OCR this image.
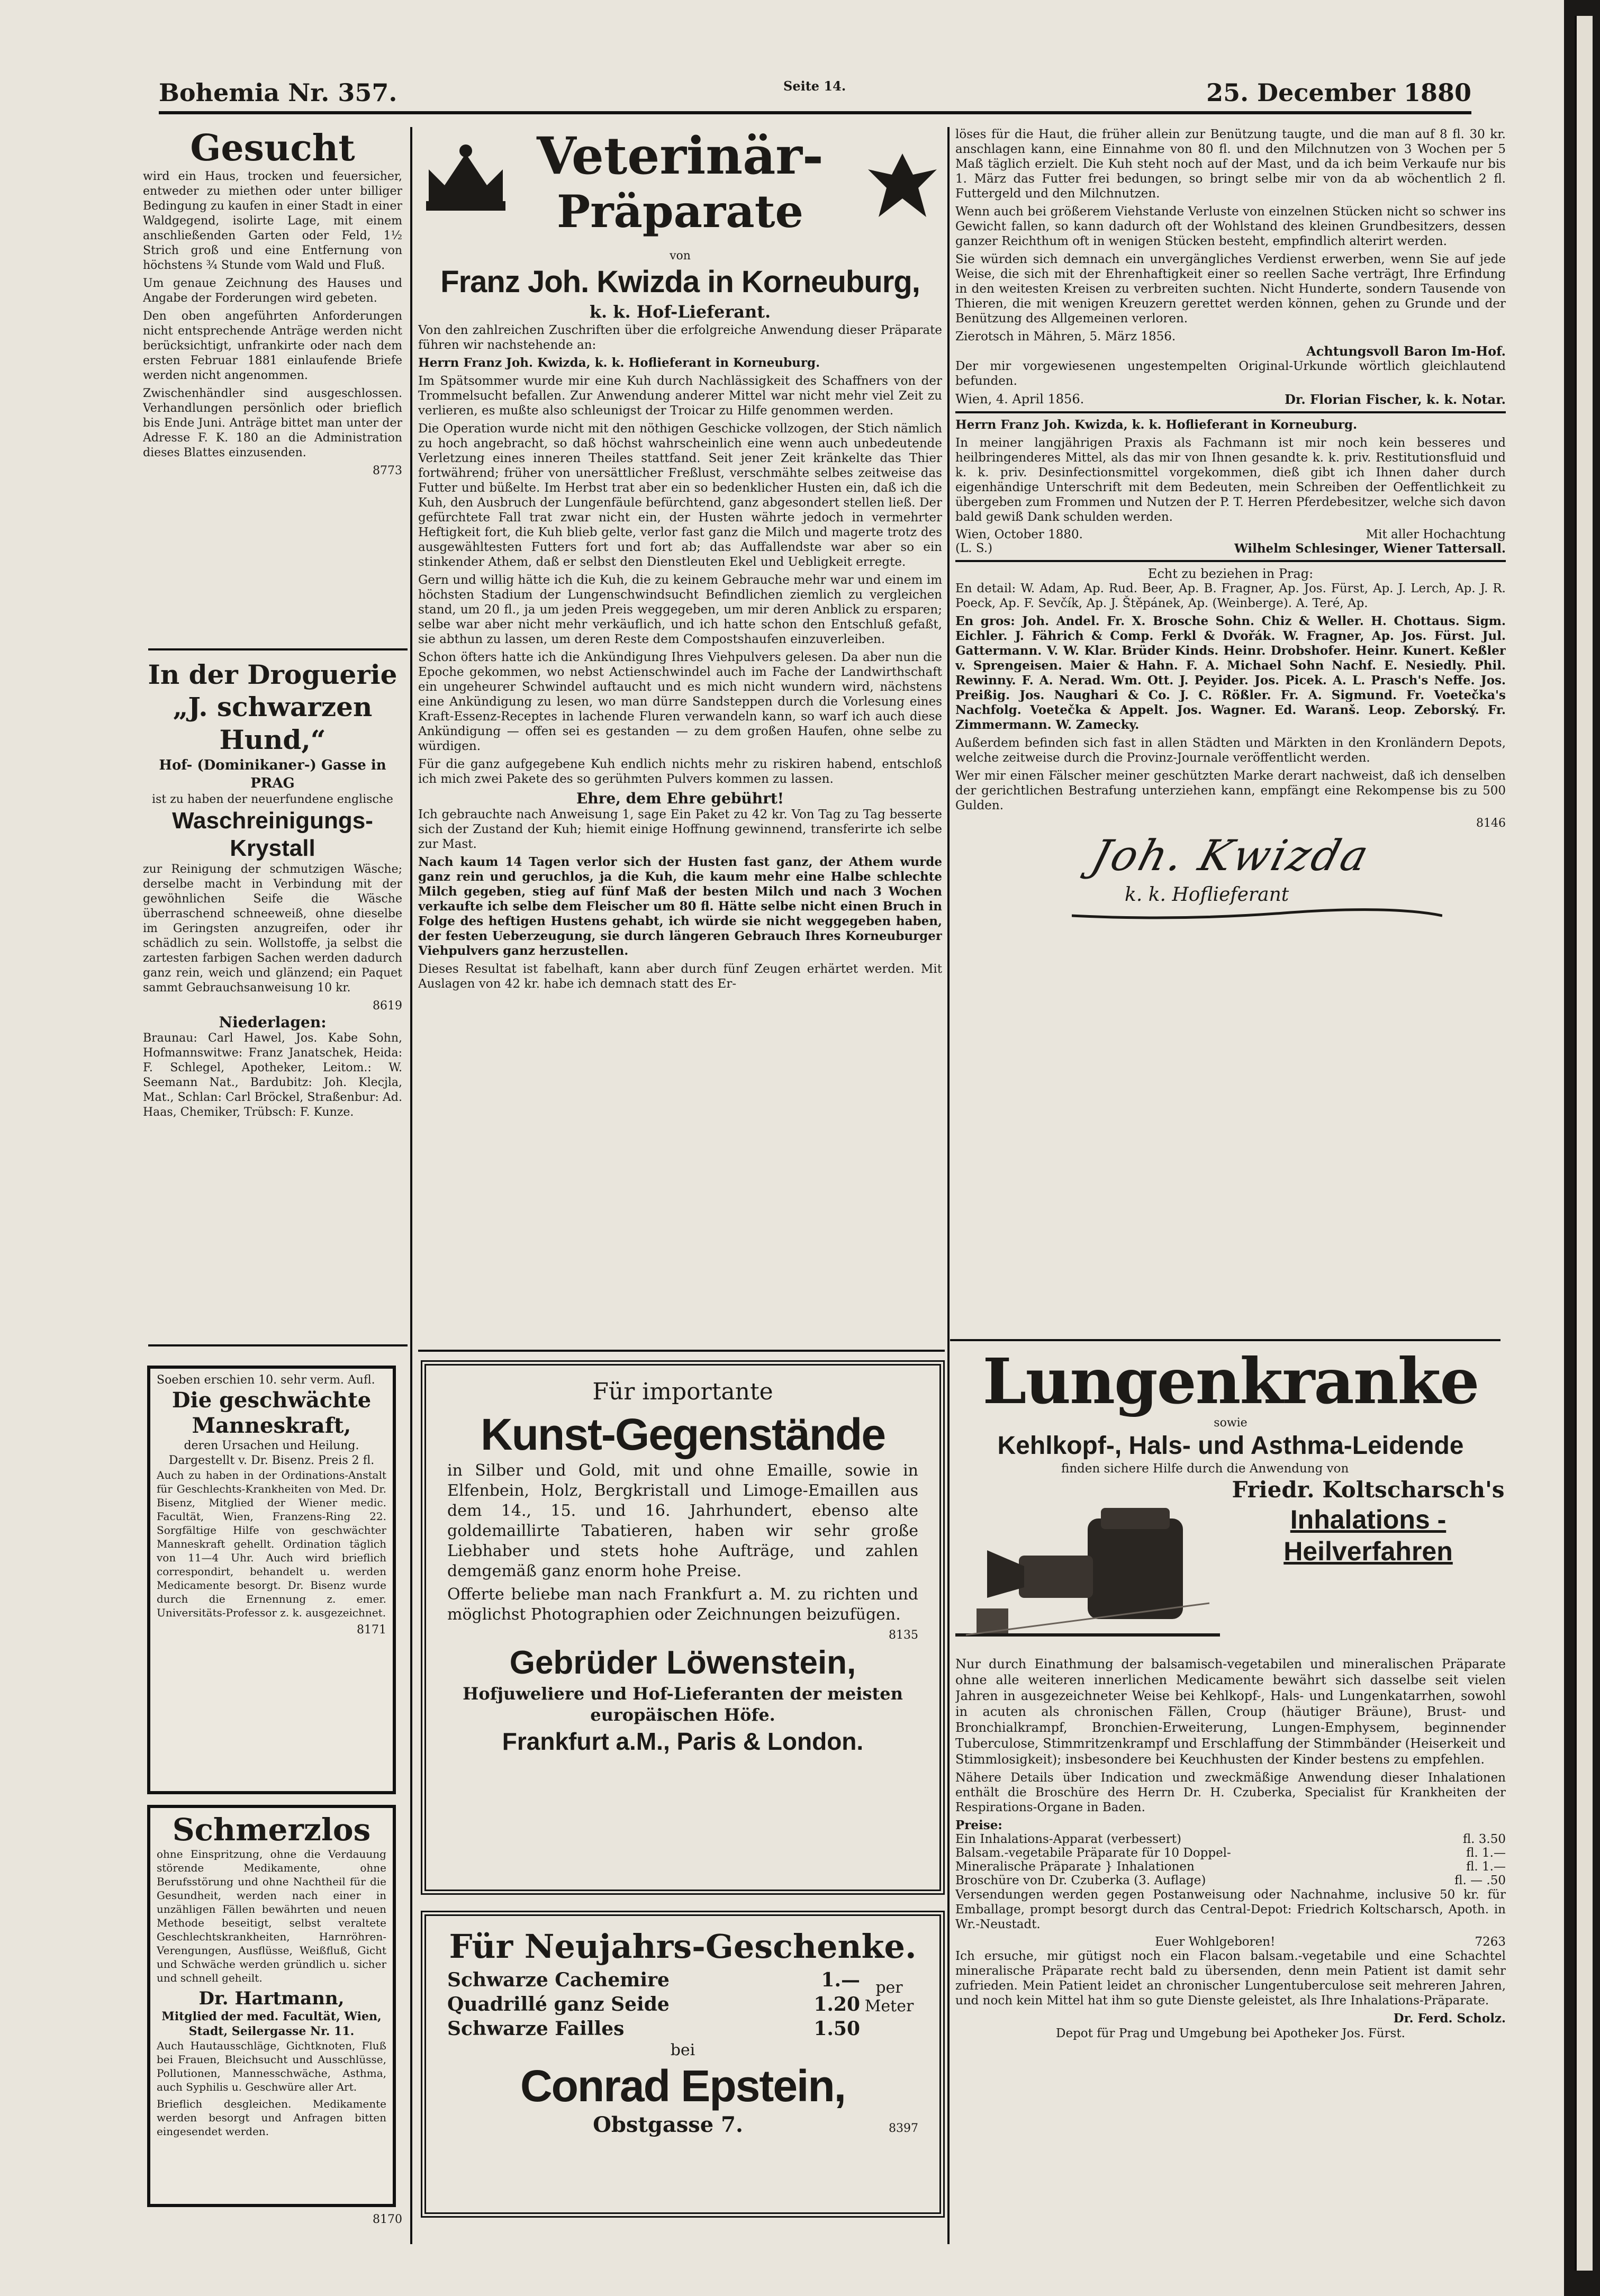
Bohemia Nr. 357.	Seite 14.	25. December 1880
Gesucht

wird ein Haus, trocken und feuersicher, entweder zu miethen oder unter billiger Bedingung zu kaufen in einer Stadt in einer Waldgegend, isolirte Lage, mit einem anschließenden Garten oder Feld, 1½ Strich groß und eine Entfernung von höchstens ¾ Stunde vom Wald und Fluß.

Um genaue Zeichnung des Hauses und Angabe der Forderungen wird gebeten.

Den oben angeführten Anforderungen nicht entsprechende Anträge werden nicht berücksichtigt, unfrankirte oder nach dem ersten Februar 1881 einlaufende Briefe werden nicht angenommen.

Zwischenhändler sind ausgeschlossen. Verhandlungen persönlich oder brieflich bis Ende Juni. Anträge bittet man unter der Adresse F. K. 180 an die Administration dieses Blattes einzusenden.

8773
In der Droguerie
„J. schwarzen Hund,“
Hof- (Dominikaner-) Gasse in PRAG
ist zu haben der neuerfundene englische
Waschreinigungs-Krystall

zur Reinigung der schmutzigen Wäsche; derselbe macht in Verbindung mit der gewöhnlichen Seife die Wäsche überraschend schneeweiß, ohne dieselbe im Geringsten anzugreifen, oder ihr schädlich zu sein. Wollstoffe, ja selbst die zartesten farbigen Sachen werden dadurch ganz rein, weich und glänzend; ein Paquet sammt Gebrauchsanweisung 10 kr.

8619
Niederlagen:

Braunau: Carl Hawel, Jos. Kabe Sohn, Hofmannswitwe: Franz Janatschek, Heida: F. Schlegel, Apotheker, Leitom.: W. Seemann Nat., Bardubitz: Joh. Klecjla, Mat., Schlan: Carl Bröckel, Straßenbur: Ad. Haas, Chemiker, Trübsch: F. Kunze.

Soeben erschien 10. sehr verm. Aufl.
Die geschwächte Manneskraft,
deren Ursachen und Heilung. Dargestellt v. Dr. Bisenz. Preis 2 fl.

Auch zu haben in der Ordinations-Anstalt für Geschlechts-Krankheiten von Med. Dr. Bisenz, Mitglied der Wiener medic. Facultät, Wien, Franzens-Ring 22. Sorgfältige Hilfe von geschwächter Manneskraft gehellt. Ordination täglich von 11—4 Uhr. Auch wird brieflich correspondirt, behandelt u. werden Medicamente besorgt. Dr. Bisenz wurde durch die Ernennung z. emer. Universitäts-Professor z. k. ausgezeichnet.

8171
Schmerzlos

ohne Einspritzung, ohne die Verdauung störende Medikamente, ohne Berufsstörung und ohne Nachtheil für die Gesundheit, werden nach einer in unzähligen Fällen bewährten und neuen Methode beseitigt, selbst veraltete Geschlechtskrankheiten, Harnröhren-Verengungen, Ausflüsse, Weißfluß, Gicht und Schwäche werden gründlich u. sicher und schnell geheilt.

Dr. Hartmann,
Mitglied der med. Facultät, Wien, Stadt, Seilergasse Nr. 11.

Auch Hautausschläge, Gichtknoten, Fluß bei Frauen, Bleichsucht und Ausschlüsse, Pollutionen, Mannesschwäche, Asthma, auch Syphilis u. Geschwüre aller Art.

Brieflich desgleichen. Medikamente werden besorgt und Anfragen bitten eingesendet werden.

8170
Veterinär-
Präparate
von
Franz Joh. Kwizda in Korneuburg,
k. k. Hof-Lieferant.

Von den zahlreichen Zuschriften über die erfolgreiche Anwendung dieser Präparate führen wir nachstehende an:

Herrn Franz Joh. Kwizda, k. k. Hoflieferant in Korneuburg.

Im Spätsommer wurde mir eine Kuh durch Nachlässigkeit des Schaffners von der Trommelsucht befallen. Zur Anwendung anderer Mittel war nicht mehr viel Zeit zu verlieren, es mußte also schleunigst der Troicar zu Hilfe genommen werden.

Die Operation wurde nicht mit den nöthigen Geschicke vollzogen, der Stich nämlich zu hoch angebracht, so daß höchst wahrscheinlich eine wenn auch unbedeutende Verletzung eines inneren Theiles stattfand. Seit jener Zeit kränkelte das Thier fortwährend; früher von unersättlicher Freßlust, verschmähte selbes zeitweise das Futter und büßelte. Im Herbst trat aber ein so bedenklicher Husten ein, daß ich die Kuh, den Ausbruch der Lungenfäule befürchtend, ganz abgesondert stellen ließ. Der gefürchtete Fall trat zwar nicht ein, der Husten währte jedoch in vermehrter Heftigkeit fort, die Kuh blieb gelte, verlor fast ganz die Milch und magerte trotz des ausgewähltesten Futters fort und fort ab; das Auffallendste war aber so ein stinkender Athem, daß er selbst den Dienstleuten Ekel und Uebligkeit erregte.

Gern und willig hätte ich die Kuh, die zu keinem Gebrauche mehr war und einem im höchsten Stadium der Lungenschwindsucht Befindlichen ziemlich zu vergleichen stand, um 20 fl., ja um jeden Preis weggegeben, um mir deren Anblick zu ersparen; selbe war aber nicht mehr verkäuflich, und ich hatte schon den Entschluß gefaßt, sie abthun zu lassen, um deren Reste dem Compostshaufen einzuverleiben.

Schon öfters hatte ich die Ankündigung Ihres Viehpulvers gelesen. Da aber nun die Epoche gekommen, wo nebst Actienschwindel auch im Fache der Landwirthschaft ein ungeheurer Schwindel auftaucht und es mich nicht wundern wird, nächstens eine Ankündigung zu lesen, wo man dürre Sandsteppen durch die Vorlesung eines Kraft-Essenz-Receptes in lachende Fluren verwandeln kann, so warf ich auch diese Ankündigung — offen sei es gestanden — zu dem großen Haufen, ohne selbe zu würdigen.

Für die ganz aufgegebene Kuh endlich nichts mehr zu riskiren habend, entschloß ich mich zwei Pakete des so gerühmten Pulvers kommen zu lassen.

Ehre, dem Ehre gebührt!

Ich gebrauchte nach Anweisung 1, sage Ein Paket zu 42 kr. Von Tag zu Tag besserte sich der Zustand der Kuh; hiemit einige Hoffnung gewinnend, transferirte ich selbe zur Mast.

Nach kaum 14 Tagen verlor sich der Husten fast ganz, der Athem wurde ganz rein und geruchlos, ja die Kuh, die kaum mehr eine Halbe schlechte Milch gegeben, stieg auf fünf Maß der besten Milch und nach 3 Wochen verkaufte ich selbe dem Fleischer um 80 fl. Hätte selbe nicht einen Bruch in Folge des heftigen Hustens gehabt, ich würde sie nicht weggegeben haben, der festen Ueberzeugung, sie durch längeren Gebrauch Ihres Korneuburger Viehpulvers ganz herzustellen.

Dieses Resultat ist fabelhaft, kann aber durch fünf Zeugen erhärtet werden. Mit Auslagen von 42 kr. habe ich demnach statt des Er-

Für importante
Kunst-Gegenstände

in Silber und Gold, mit und ohne Emaille, sowie in Elfenbein, Holz, Bergkristall und Limoge-Emaillen aus dem 14., 15. und 16. Jahrhundert, ebenso alte goldemaillirte Tabatieren, haben wir sehr große Liebhaber und stets hohe Aufträge, und zahlen demgemäß ganz enorm hohe Preise.

Offerte beliebe man nach Frankfurt a. M. zu richten und möglichst Photographien oder Zeichnungen beizufügen.

8135
Gebrüder Löwenstein,
Hofjuweliere und Hof-Lieferanten der meisten europäischen Höfe.
Frankfurt a.M., Paris & London.
Für Neujahrs-Geschenke.
Schwarze Cachemire	1.—
Quadrillé ganz Seide	1.20
Schwarze Failles	1.50
per Meter
bei
Conrad Epstein,
Obstgasse 7.	8397

löses für die Haut, die früher allein zur Benützung taugte, und die man auf 8 fl. 30 kr. anschlagen kann, eine Einnahme von 80 fl. und den Milchnutzen von 3 Wochen per 5 Maß täglich erzielt. Die Kuh steht noch auf der Mast, und da ich beim Verkaufe nur bis 1. März das Futter frei bedungen, so bringt selbe mir von da ab wöchentlich 2 fl. Futtergeld und den Milchnutzen.

Wenn auch bei größerem Viehstande Verluste von einzelnen Stücken nicht so schwer ins Gewicht fallen, so kann dadurch oft der Wohlstand des kleinen Grundbesitzers, dessen ganzer Reichthum oft in wenigen Stücken besteht, empfindlich alterirt werden.

Sie würden sich demnach ein unvergängliches Verdienst erwerben, wenn Sie auf jede Weise, die sich mit der Ehrenhaftigkeit einer so reellen Sache verträgt, Ihre Erfindung in den weitesten Kreisen zu verbreiten suchten. Nicht Hunderte, sondern Tausende von Thieren, die mit wenigen Kreuzern gerettet werden können, gehen zu Grunde und der Benützung des Allgemeinen verloren.

Zierotsch in Mähren, 5. März 1856.
Achtungsvoll Baron Im-Hof.

Der mir vorgewiesenen ungestempelten Original-Urkunde wörtlich gleichlautend befunden.

Wien, 4. April 1856.	Dr. Florian Fischer, k. k. Notar.

Herrn Franz Joh. Kwizda, k. k. Hoflieferant in Korneuburg.

In meiner langjährigen Praxis als Fachmann ist mir noch kein besseres und heilbringenderes Mittel, als das mir von Ihnen gesandte k. k. priv. Restitutionsfluid und k. k. priv. Desinfectionsmittel vorgekommen, dieß gibt ich Ihnen daher durch eigenhändige Unterschrift mit dem Bedeuten, mein Schreiben der Oeffentlichkeit zu übergeben zum Frommen und Nutzen der P. T. Herren Pferdebesitzer, welche sich davon bald gewiß Dank schulden werden.

Wien, October 1880.	Mit aller Hochachtung
(L. S.)	Wilhelm Schlesinger, Wiener Tattersall.
Echt zu beziehen in Prag:

En detail: W. Adam, Ap. Rud. Beer, Ap. B. Fragner, Ap. Jos. Fürst, Ap. J. Lerch, Ap. J. R. Poeck, Ap. F. Sevčík, Ap. J. Štěpánek, Ap. (Weinberge). A. Teré, Ap.

En gros: Joh. Andel. Fr. X. Brosche Sohn. Chiz & Weller. H. Chottaus. Sigm. Eichler. J. Fährich & Comp. Ferkl & Dvořák. W. Fragner, Ap. Jos. Fürst. Jul. Gattermann. V. W. Klar. Brüder Kinds. Heinr. Drobshofer. Heinr. Kunert. Keßler v. Sprengeisen. Maier & Hahn. F. A. Michael Sohn Nachf. E. Nesiedly. Phil. Rewinny. F. A. Nerad. Wm. Ott. J. Peyider. Jos. Picek. A. L. Prasch's Neffe. Jos. Preißig. Jos. Naughari & Co. J. C. Rößler. Fr. A. Sigmund. Fr. Voetečka's Nachfolg. Voetečka & Appelt. Jos. Wagner. Ed. Waranš. Leop. Zeborský. Fr. Zimmermann. W. Zamecky.

Außerdem befinden sich fast in allen Städten und Märkten in den Kronländern Depots, welche zeitweise durch die Provinz-Journale veröffentlicht werden.

Wer mir einen Fälscher meiner geschützten Marke derart nachweist, daß ich denselben der gerichtlichen Bestrafung unterziehen kann, empfängt eine Rekompense bis zu 500 Gulden.

8146
Joh. Kwizda
k. k. Hoflieferant
Lungenkranke
sowie
Kehlkopf-, Hals- und Asthma-Leidende
finden sichere Hilfe durch die Anwendung von
Friedr. Koltscharsch's
Inhalations - Heilverfahren

Nur durch Einathmung der balsamisch-vegetabilen und mineralischen Präparate ohne alle weiteren innerlichen Medicamente bewährt sich dasselbe seit vielen Jahren in ausgezeichneter Weise bei Kehlkopf-, Hals- und Lungenkatarrhen, sowohl in acuten als chronischen Fällen, Croup (häutiger Bräune), Brust- und Bronchialkrampf, Bronchien-Erweiterung, Lungen-Emphysem, beginnender Tuberculose, Stimmritzenkrampf und Erschlaffung der Stimmbänder (Heiserkeit und Stimmlosigkeit); insbesondere bei Keuchhusten der Kinder bestens zu empfehlen.

Nähere Details über Indication und zweckmäßige Anwendung dieser Inhalationen enthält die Broschüre des Herrn Dr. H. Czuberka, Specialist für Krankheiten der Respirations-Organe in Baden.

Preise:
Ein Inhalations-Apparat (verbessert)	fl. 3.50
Balsam.-vegetabile Präparate für 10 Doppel-	fl. 1.—
Mineralische Präparate } Inhalationen	fl. 1.—
Broschüre von Dr. Czuberka (3. Auflage)	fl. — .50

Versendungen werden gegen Postanweisung oder Nachnahme, inclusive 50 kr. für Emballage, prompt besorgt durch das Central-Depot: Friedrich Koltscharsch, Apoth. in Wr.-Neustadt.

Euer Wohlgeboren!	7263

Ich ersuche, mir gütigst noch ein Flacon balsam.-vegetabile und eine Schachtel mineralische Präparate recht bald zu übersenden, denn mein Patient ist damit sehr zufrieden. Mein Patient leidet an chronischer Lungentuberculose seit mehreren Jahren, und noch kein Mittel hat ihm so gute Dienste geleistet, als Ihre Inhalations-Präparate.

Dr. Ferd. Scholz.
Depot für Prag und Umgebung bei Apotheker Jos. Fürst.
